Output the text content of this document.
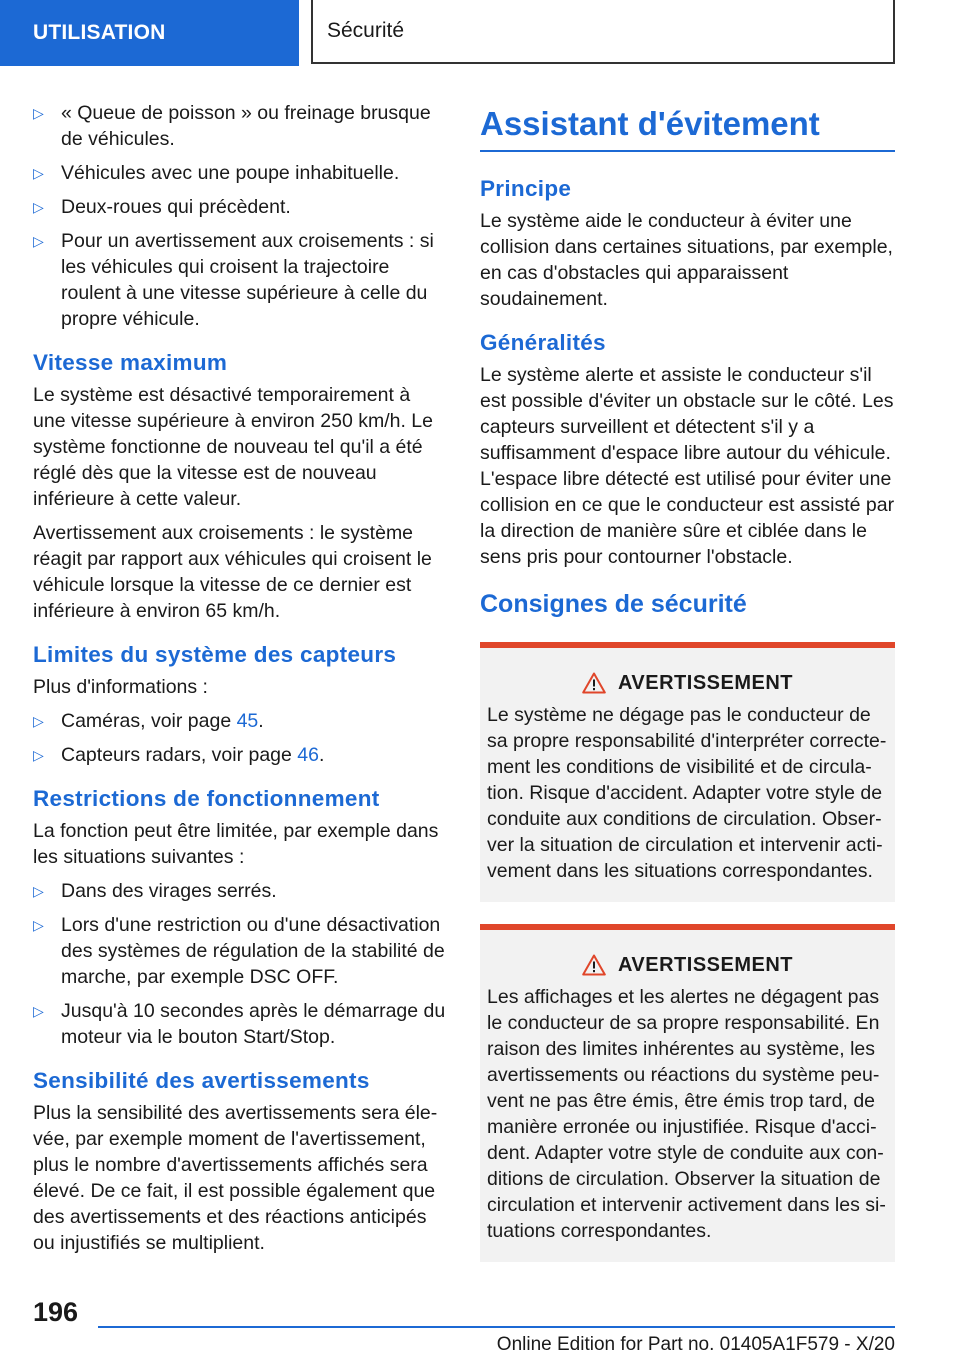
UTILISATION	Sécurité
▷ « Queue de poisson » ou freinage brusque de véhicules.
▷ Véhicules avec une poupe inhabituelle.
▷ Deux-roues qui précèdent.
▷ Pour un avertissement aux croisements : si les véhicules qui croisent la trajectoire roulent à une vitesse supérieure à celle du propre véhicule.
Vitesse maximum

Le système est désactivé temporairement à une vitesse supérieure à environ 250 km/h. Le système fonctionne de nouveau tel qu'il a été réglé dès que la vitesse est de nouveau inférieure à cette valeur.

Avertissement aux croisements : le système réagit par rapport aux véhicules qui croisent le véhicule lorsque la vitesse de ce dernier est inférieure à environ 65 km/h.

Limites du système des capteurs

Plus d'informations :

▷ Caméras, voir page 45.
▷ Capteurs radars, voir page 46.
Restrictions de fonctionnement

La fonction peut être limitée, par exemple dans les situations suivantes :

▷ Dans des virages serrés.
▷ Lors d'une restriction ou d'une désactivation des systèmes de régulation de la stabilité de marche, par exemple DSC OFF.
▷ Jusqu'à 10 secondes après le démarrage du moteur via le bouton Start/Stop.
Sensibilité des avertissements

Plus la sensibilité des avertissements sera élevée, par exemple moment de l'avertissement, plus le nombre d'avertissements affichés sera élevé. De ce fait, il est possible également que des avertissements et des réactions anticipés ou injustifiés se multiplient.

Assistant d'évitement
Principe

Le système aide le conducteur à éviter une collision dans certaines situations, par exemple, en cas d'obstacles qui apparaissent soudainement.

Généralités

Le système alerte et assiste le conducteur s'il est possible d'éviter un obstacle sur le côté. Les capteurs surveillent et détectent s'il y a suffisamment d'espace libre autour du véhicule. L'espace libre détecté est utilisé pour éviter une collision en ce que le conducteur est assisté par la direction de manière sûre et ciblée dans le sens pris pour contourner l'obstacle.

Consignes de sécurité
AVERTISSEMENT

Le système ne dégage pas le conducteur de sa propre responsabilité d'interpréter correctement les conditions de visibilité et de circulation. Risque d'accident. Adapter votre style de conduite aux conditions de circulation. Observer la situation de circulation et intervenir activement dans les situations correspondantes.

AVERTISSEMENT

Les affichages et les alertes ne dégagent pas le conducteur de sa propre responsabilité. En raison des limites inhérentes au système, les avertissements ou réactions du système peuvent ne pas être émis, être émis trop tard, de manière erronée ou injustifiée. Risque d'accident. Adapter votre style de conduite aux conditions de circulation. Observer la situation de circulation et intervenir activement dans les situations correspondantes.

196
Online Edition for Part no. 01405A1F579 - X/20
